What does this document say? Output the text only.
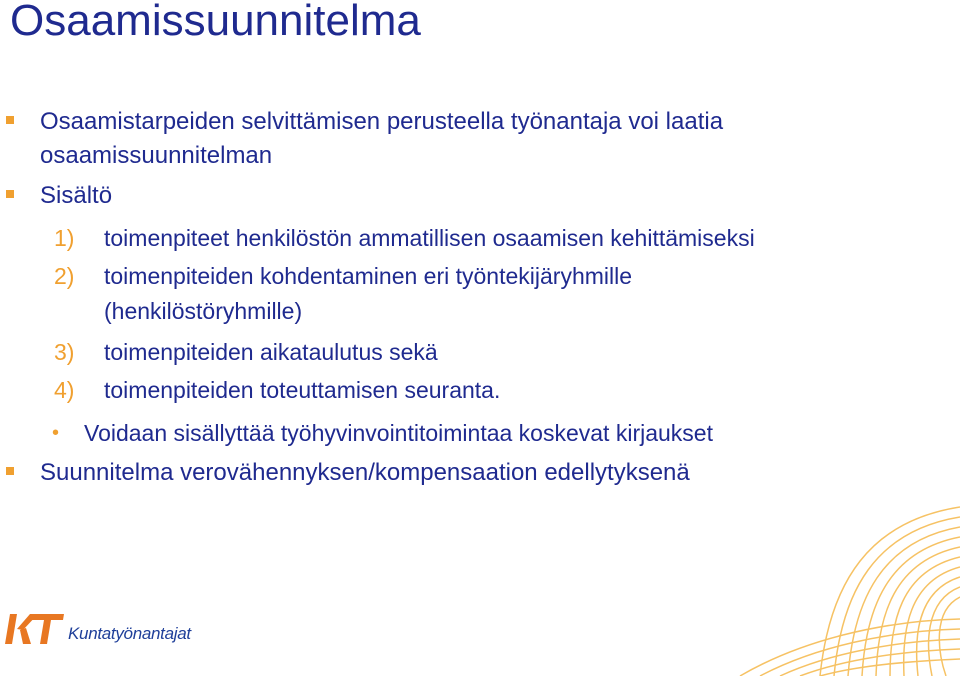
Osaamissuunnitelma
Osaamistarpeiden selvittämisen perusteella työnantaja voi laatia
osaamissuunnitelman
Sisältö
1) toimenpiteet henkilöstön ammatillisen osaamisen kehittämiseksi
2) toimenpiteiden kohdentaminen eri työntekijäryhmille
(henkilöstöryhmille)
3) toimenpiteiden aikataulutus sekä
4) toimenpiteiden toteuttamisen seuranta.
• Voidaan sisällyttää työhyvinvointitoimintaa koskevat kirjaukset
Suunnitelma verovähennyksen/kompensaation edellytyksenä
Kuntatyönantajat
